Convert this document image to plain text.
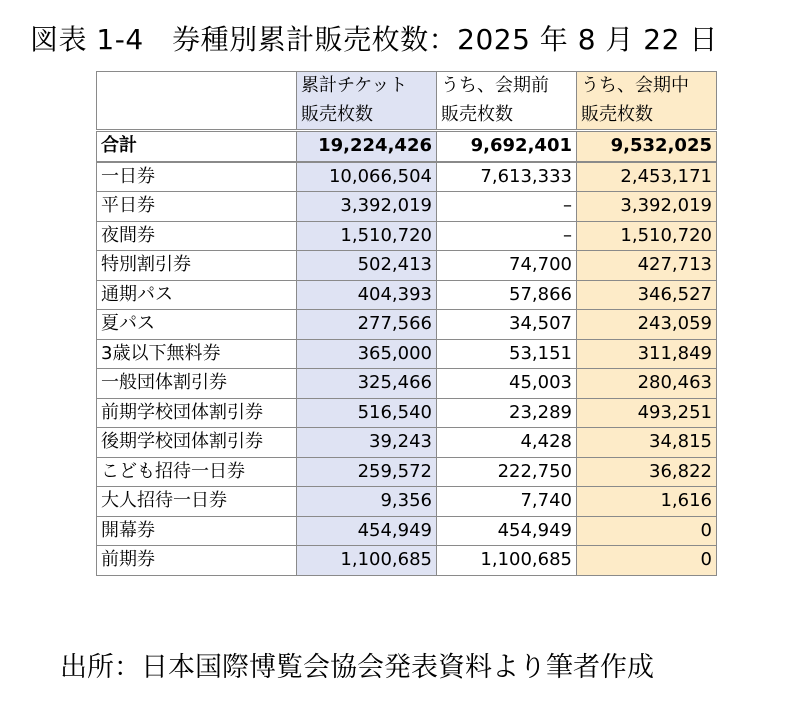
図表 1-4　券種別累計販売枚数：2025 年 8 月 22 日
	累計チケット	うち、会期前	うち、会期中
	販売枚数	販売枚数	販売枚数
合計	19,224,426	9,692,401	9,532,025
一日券	10,066,504	7,613,333	2,453,171
平日券	3,392,019	–	3,392,019
夜間券	1,510,720	–	1,510,720
特別割引券	502,413	74,700	427,713
通期パス	404,393	57,866	346,527
夏パス	277,566	34,507	243,059
3歳以下無料券	365,000	53,151	311,849
一般団体割引券	325,466	45,003	280,463
前期学校団体割引券	516,540	23,289	493,251
後期学校団体割引券	39,243	4,428	34,815
こども招待一日券	259,572	222,750	36,822
大人招待一日券	9,356	7,740	1,616
開幕券	454,949	454,949	0
前期券	1,100,685	1,100,685	0
出所：日本国際博覧会協会発表資料より筆者作成
